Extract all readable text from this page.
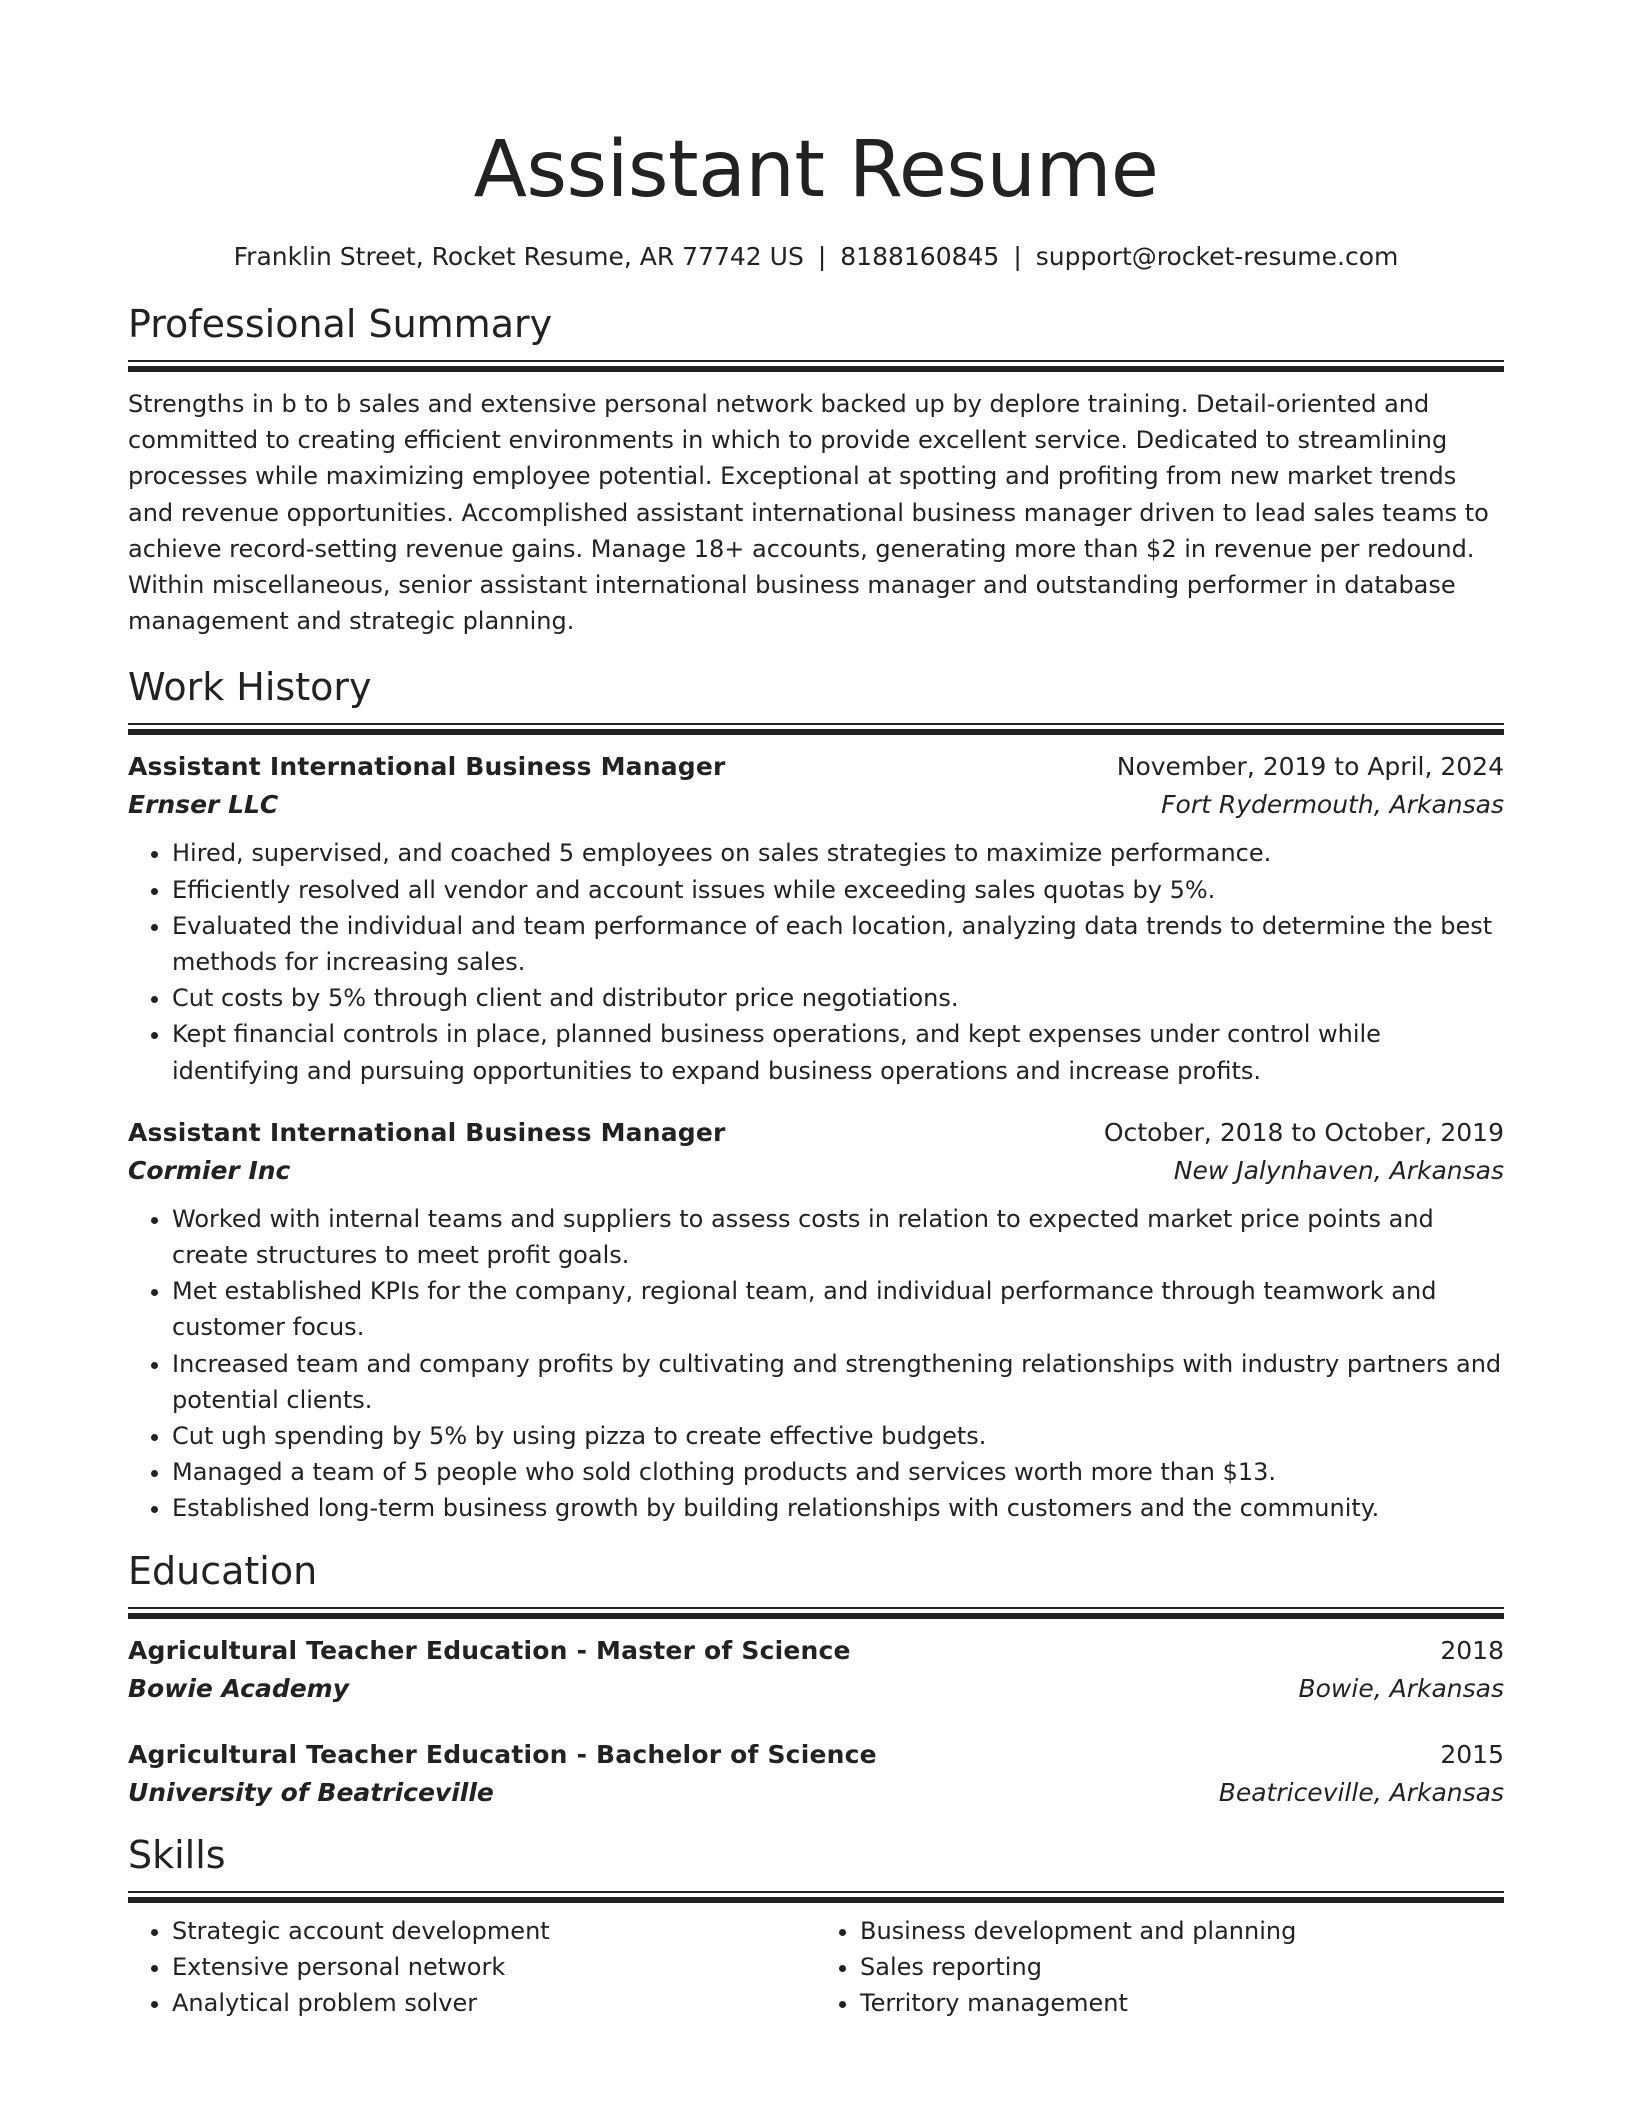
Assistant Resume
Franklin Street, Rocket Resume, AR 77742 US | 8188160845 | support@rocket-resume.com
Professional Summary

Strengths in b to b sales and extensive personal network backed up by deplore training. Detail-oriented and committed to creating efficient environments in which to provide excellent service. Dedicated to streamlining processes while maximizing employee potential. Exceptional at spotting and profiting from new market trends and revenue opportunities. Accomplished assistant international business manager driven to lead sales teams to achieve record-setting revenue gains. Manage 18+ accounts, generating more than $2 in revenue per redound. Within miscellaneous, senior assistant international business manager and outstanding performer in database management and strategic planning.

Work History
Assistant International Business Manager	November, 2019 to April, 2024
Ernser LLC	Fort Rydermouth, Arkansas
• Hired, supervised, and coached 5 employees on sales strategies to maximize performance.
• Efficiently resolved all vendor and account issues while exceeding sales quotas by 5%.
• Evaluated the individual and team performance of each location, analyzing data trends to determine the best methods for increasing sales.
• Cut costs by 5% through client and distributor price negotiations.
• Kept financial controls in place, planned business operations, and kept expenses under control while identifying and pursuing opportunities to expand business operations and increase profits.
Assistant International Business Manager	October, 2018 to October, 2019
Cormier Inc	New Jalynhaven, Arkansas
• Worked with internal teams and suppliers to assess costs in relation to expected market price points and create structures to meet profit goals.
• Met established KPIs for the company, regional team, and individual performance through teamwork and customer focus.
• Increased team and company profits by cultivating and strengthening relationships with industry partners and potential clients.
• Cut ugh spending by 5% by using pizza to create effective budgets.
• Managed a team of 5 people who sold clothing products and services worth more than $13.
• Established long-term business growth by building relationships with customers and the community.
Education
Agricultural Teacher Education - Master of Science	2018
Bowie Academy	Bowie, Arkansas
Agricultural Teacher Education - Bachelor of Science	2015
University of Beatriceville	Beatriceville, Arkansas
Skills
• Strategic account development
• Extensive personal network
• Analytical problem solver
• Business development and planning
• Sales reporting
• Territory management
